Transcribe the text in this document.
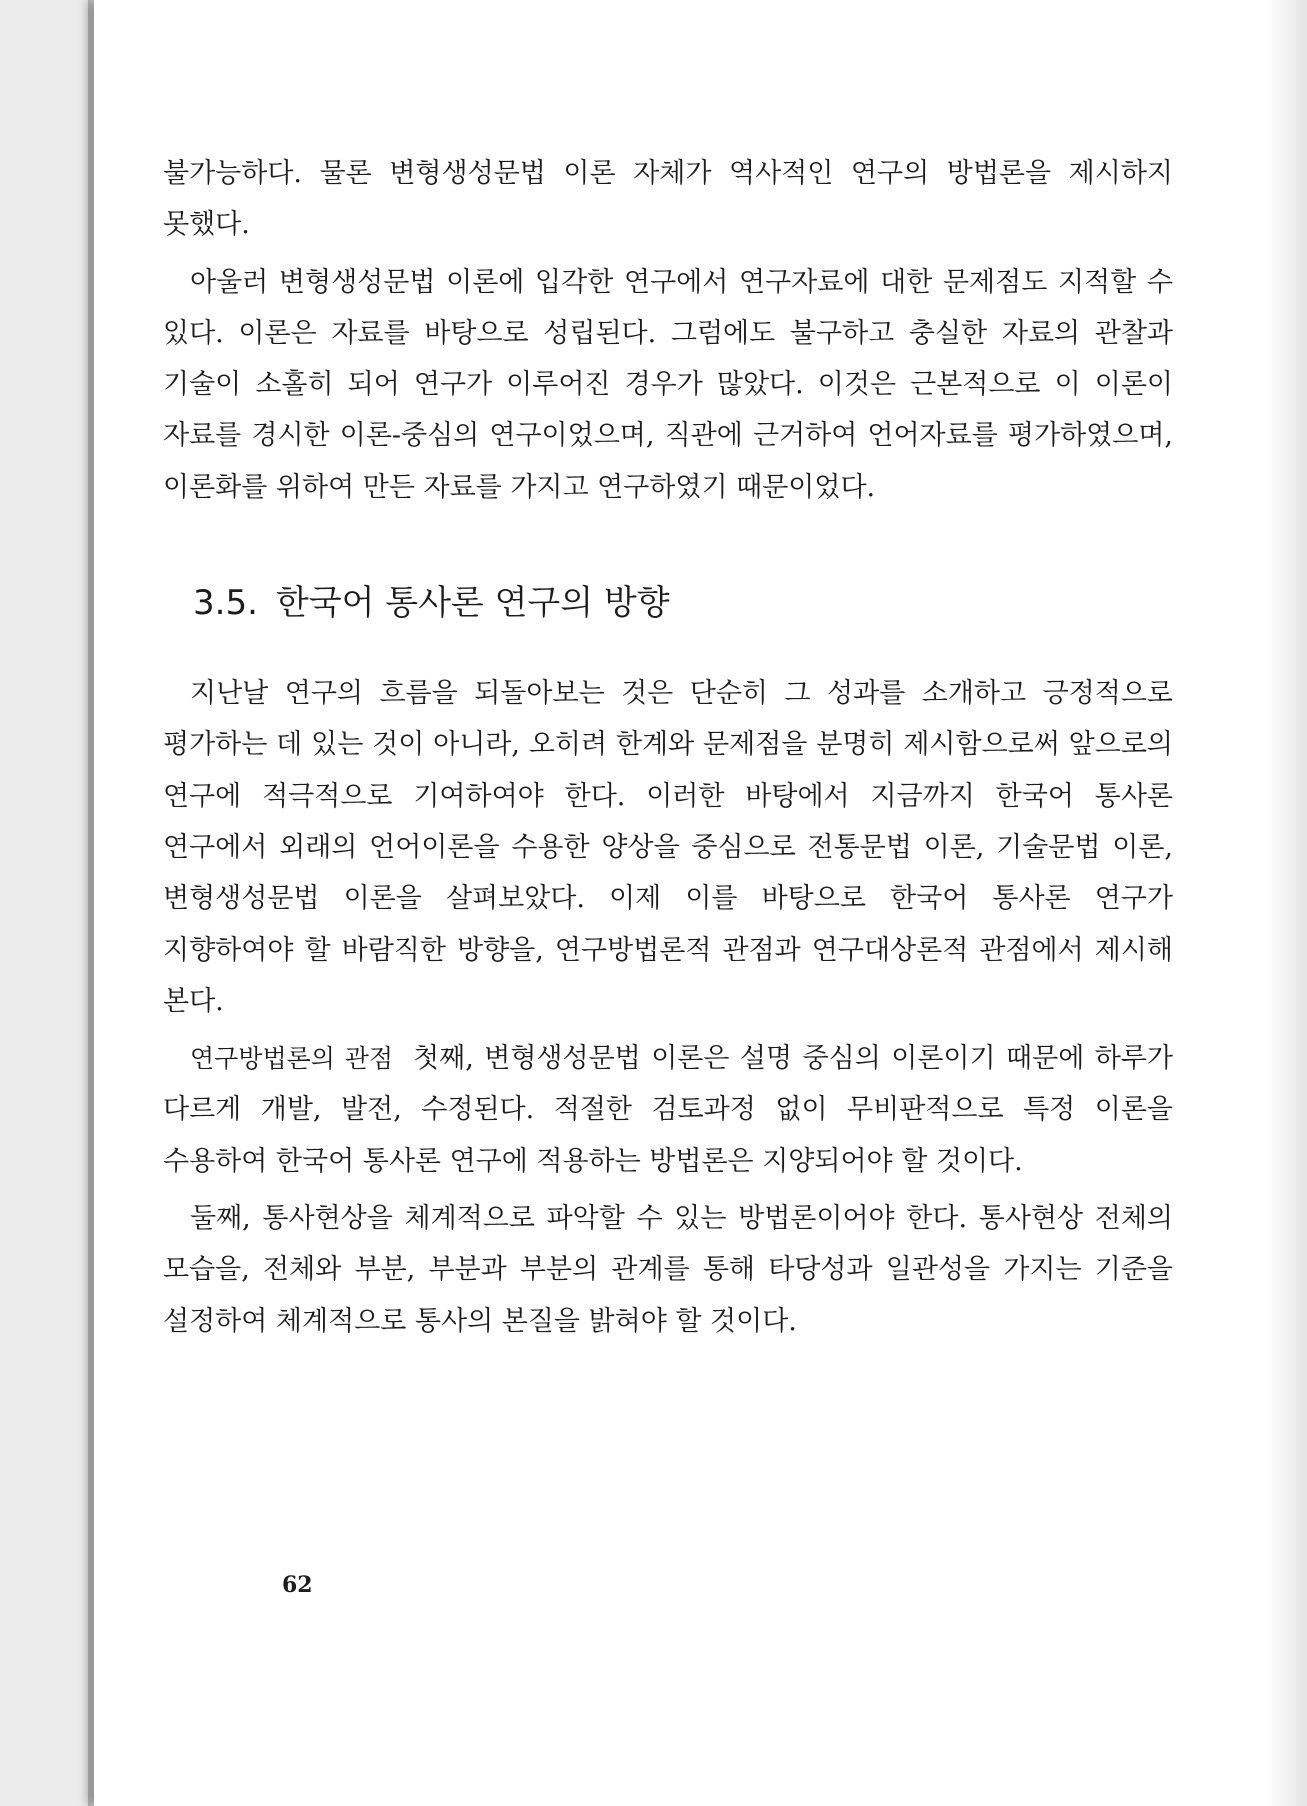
불가능하다. 물론 변형생성문법 이론 자체가 역사적인 연구의 방법론을 제시하지 못했다.

아울러 변형생성문법 이론에 입각한 연구에서 연구자료에 대한 문제점도 지적할 수 있다. 이론은 자료를 바탕으로 성립된다. 그럼에도 불구하고 충실한 자료의 관찰과 기술이 소홀히 되어 연구가 이루어진 경우가 많았다. 이것은 근본적으로 이 이론이 자료를 경시한 이론-중심의 연구이었으며, 직관에 근거하여 언어자료를 평가하였으며, 이론화를 위하여 만든 자료를 가지고 연구하였기 때문이었다.

3.5. 한국어 통사론 연구의 방향

지난날 연구의 흐름을 되돌아보는 것은 단순히 그 성과를 소개하고 긍정적으로 평가하는 데 있는 것이 아니라, 오히려 한계와 문제점을 분명히 제시함으로써 앞으로의 연구에 적극적으로 기여하여야 한다. 이러한 바탕에서 지금까지 한국어 통사론 연구에서 외래의 언어이론을 수용한 양상을 중심으로 전통문법 이론, 기술문법 이론, 변형생성문법 이론을 살펴보았다. 이제 이를 바탕으로 한국어 통사론 연구가 지향하여야 할 바람직한 방향을, 연구방법론적 관점과 연구대상론적 관점에서 제시해 본다.

연구방법론의 관점 첫째, 변형생성문법 이론은 설명 중심의 이론이기 때문에 하루가 다르게 개발, 발전, 수정된다. 적절한 검토과정 없이 무비판적으로 특정 이론을 수용하여 한국어 통사론 연구에 적용하는 방법론은 지양되어야 할 것이다.

둘째, 통사현상을 체계적으로 파악할 수 있는 방법론이어야 한다. 통사현상 전체의 모습을, 전체와 부분, 부분과 부분의 관계를 통해 타당성과 일관성을 가지는 기준을 설정하여 체계적으로 통사의 본질을 밝혀야 할 것이다.

62
